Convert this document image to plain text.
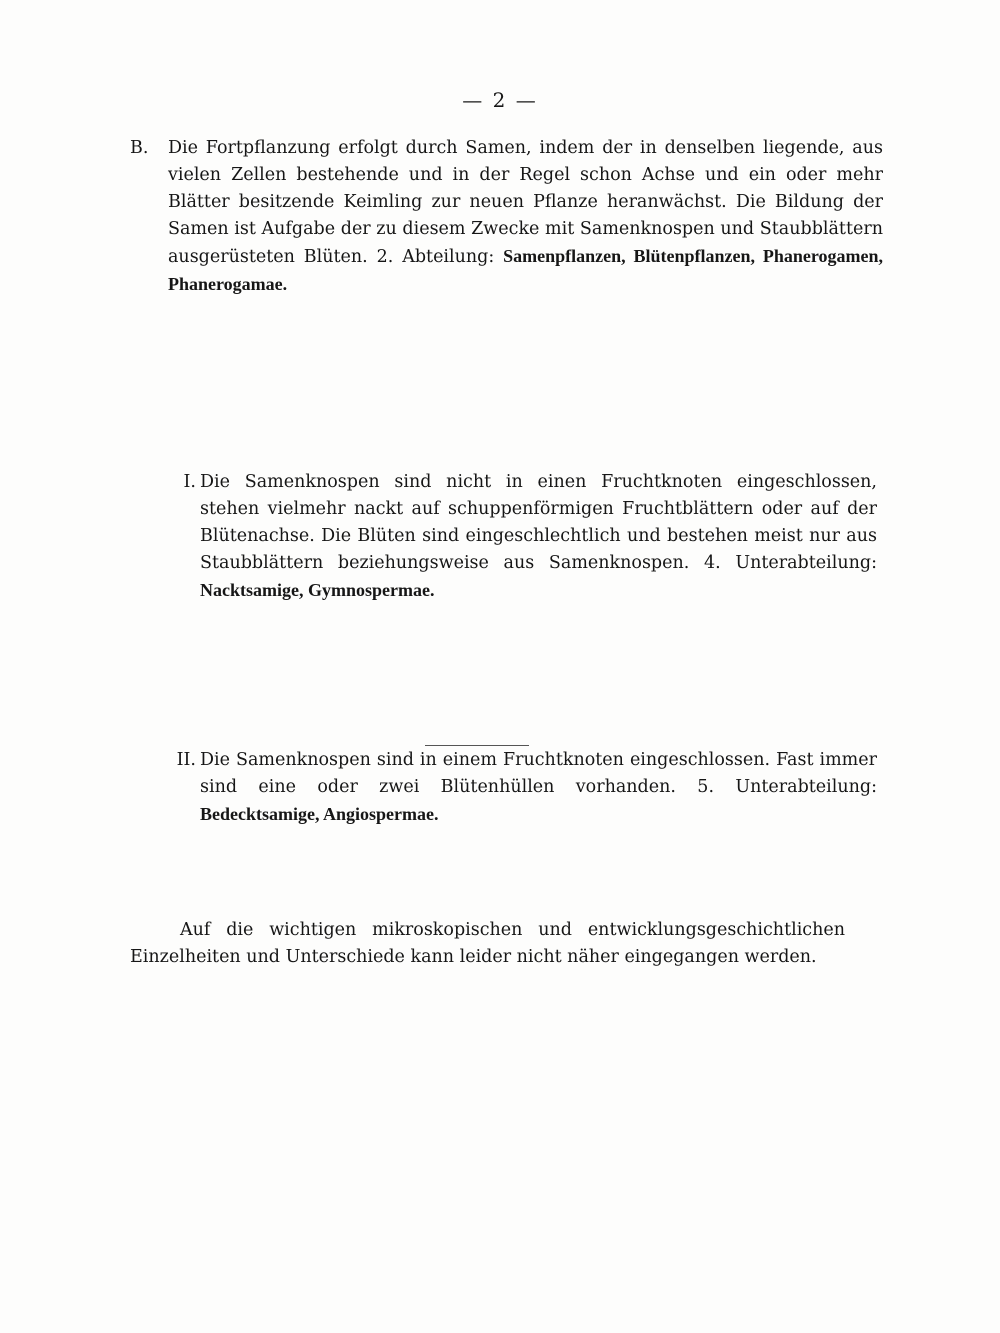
— 2 —

B. Die Fortpflanzung erfolgt durch Samen, indem der in denselben liegende, aus vielen Zellen bestehende und in der Regel schon Achse und ein oder mehr Blätter besitzende Keimling zur neuen Pflanze heranwächst. Die Bildung der Samen ist Aufgabe der zu diesem Zwecke mit Samenknospen und Staubblättern ausgerüsteten Blüten. 2. Abteilung: Samenpflanzen, Blütenpflanzen, Phanerogamen, Phanerogamae.

I. Die Samenknospen sind nicht in einen Fruchtknoten eingeschlossen, stehen vielmehr nackt auf schuppenförmigen Fruchtblättern oder auf der Blütenachse. Die Blüten sind eingeschlechtlich und bestehen meist nur aus Staubblättern beziehungsweise aus Samenknospen. 4. Unterabteilung: Nacktsamige, Gymnospermae.

II. Die Samenknospen sind in einem Fruchtknoten eingeschlossen. Fast immer sind eine oder zwei Blütenhüllen vorhanden. 5. Unterabteilung: Bedecktsamige, Angiospermae.

Auf die wichtigen mikroskopischen und entwicklungsgeschichtlichen Einzelheiten und Unterschiede kann leider nicht näher eingegangen werden.
